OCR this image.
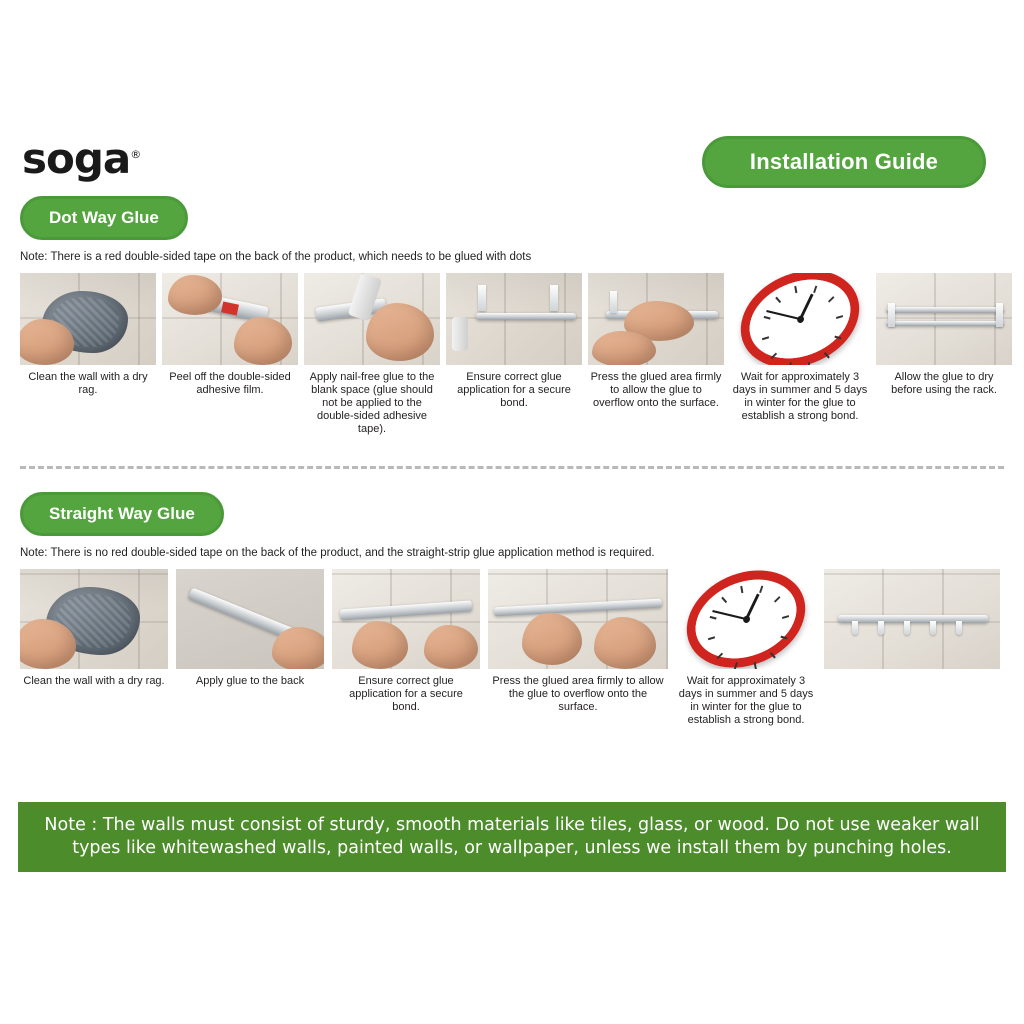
soga®	Installation Guide
Dot Way Glue
Note: There is a red double-sided tape on the back of the product, which needs to be glued with dots
Clean the wall with a dry rag.
Peel off the double-sided adhesive film.
Apply nail-free glue to the blank space (glue should not be applied to the double-sided adhesive tape).
Ensure correct glue application for a secure bond.
Press the glued area firmly to allow the glue to overflow onto the surface.
Wait for approximately 3 days in summer and 5 days in winter for the glue to establish a strong bond.
Allow the glue to dry before using the rack.
Straight Way Glue
Note: There is no red double-sided tape on the back of the product, and the straight-strip glue application method is required.
Clean the wall with a dry rag.	Apply glue to the back	Ensure correct glue application for a secure bond.
Press the glued area firmly to allow the glue to overflow onto the surface.
Wait for approximately 3 days in summer and 5 days in winter for the glue to establish a strong bond.

Note : The walls must consist of sturdy, smooth materials like tiles, glass, or wood. Do not use weaker wall types like whitewashed walls, painted walls, or wallpaper, unless we install them by punching holes.
